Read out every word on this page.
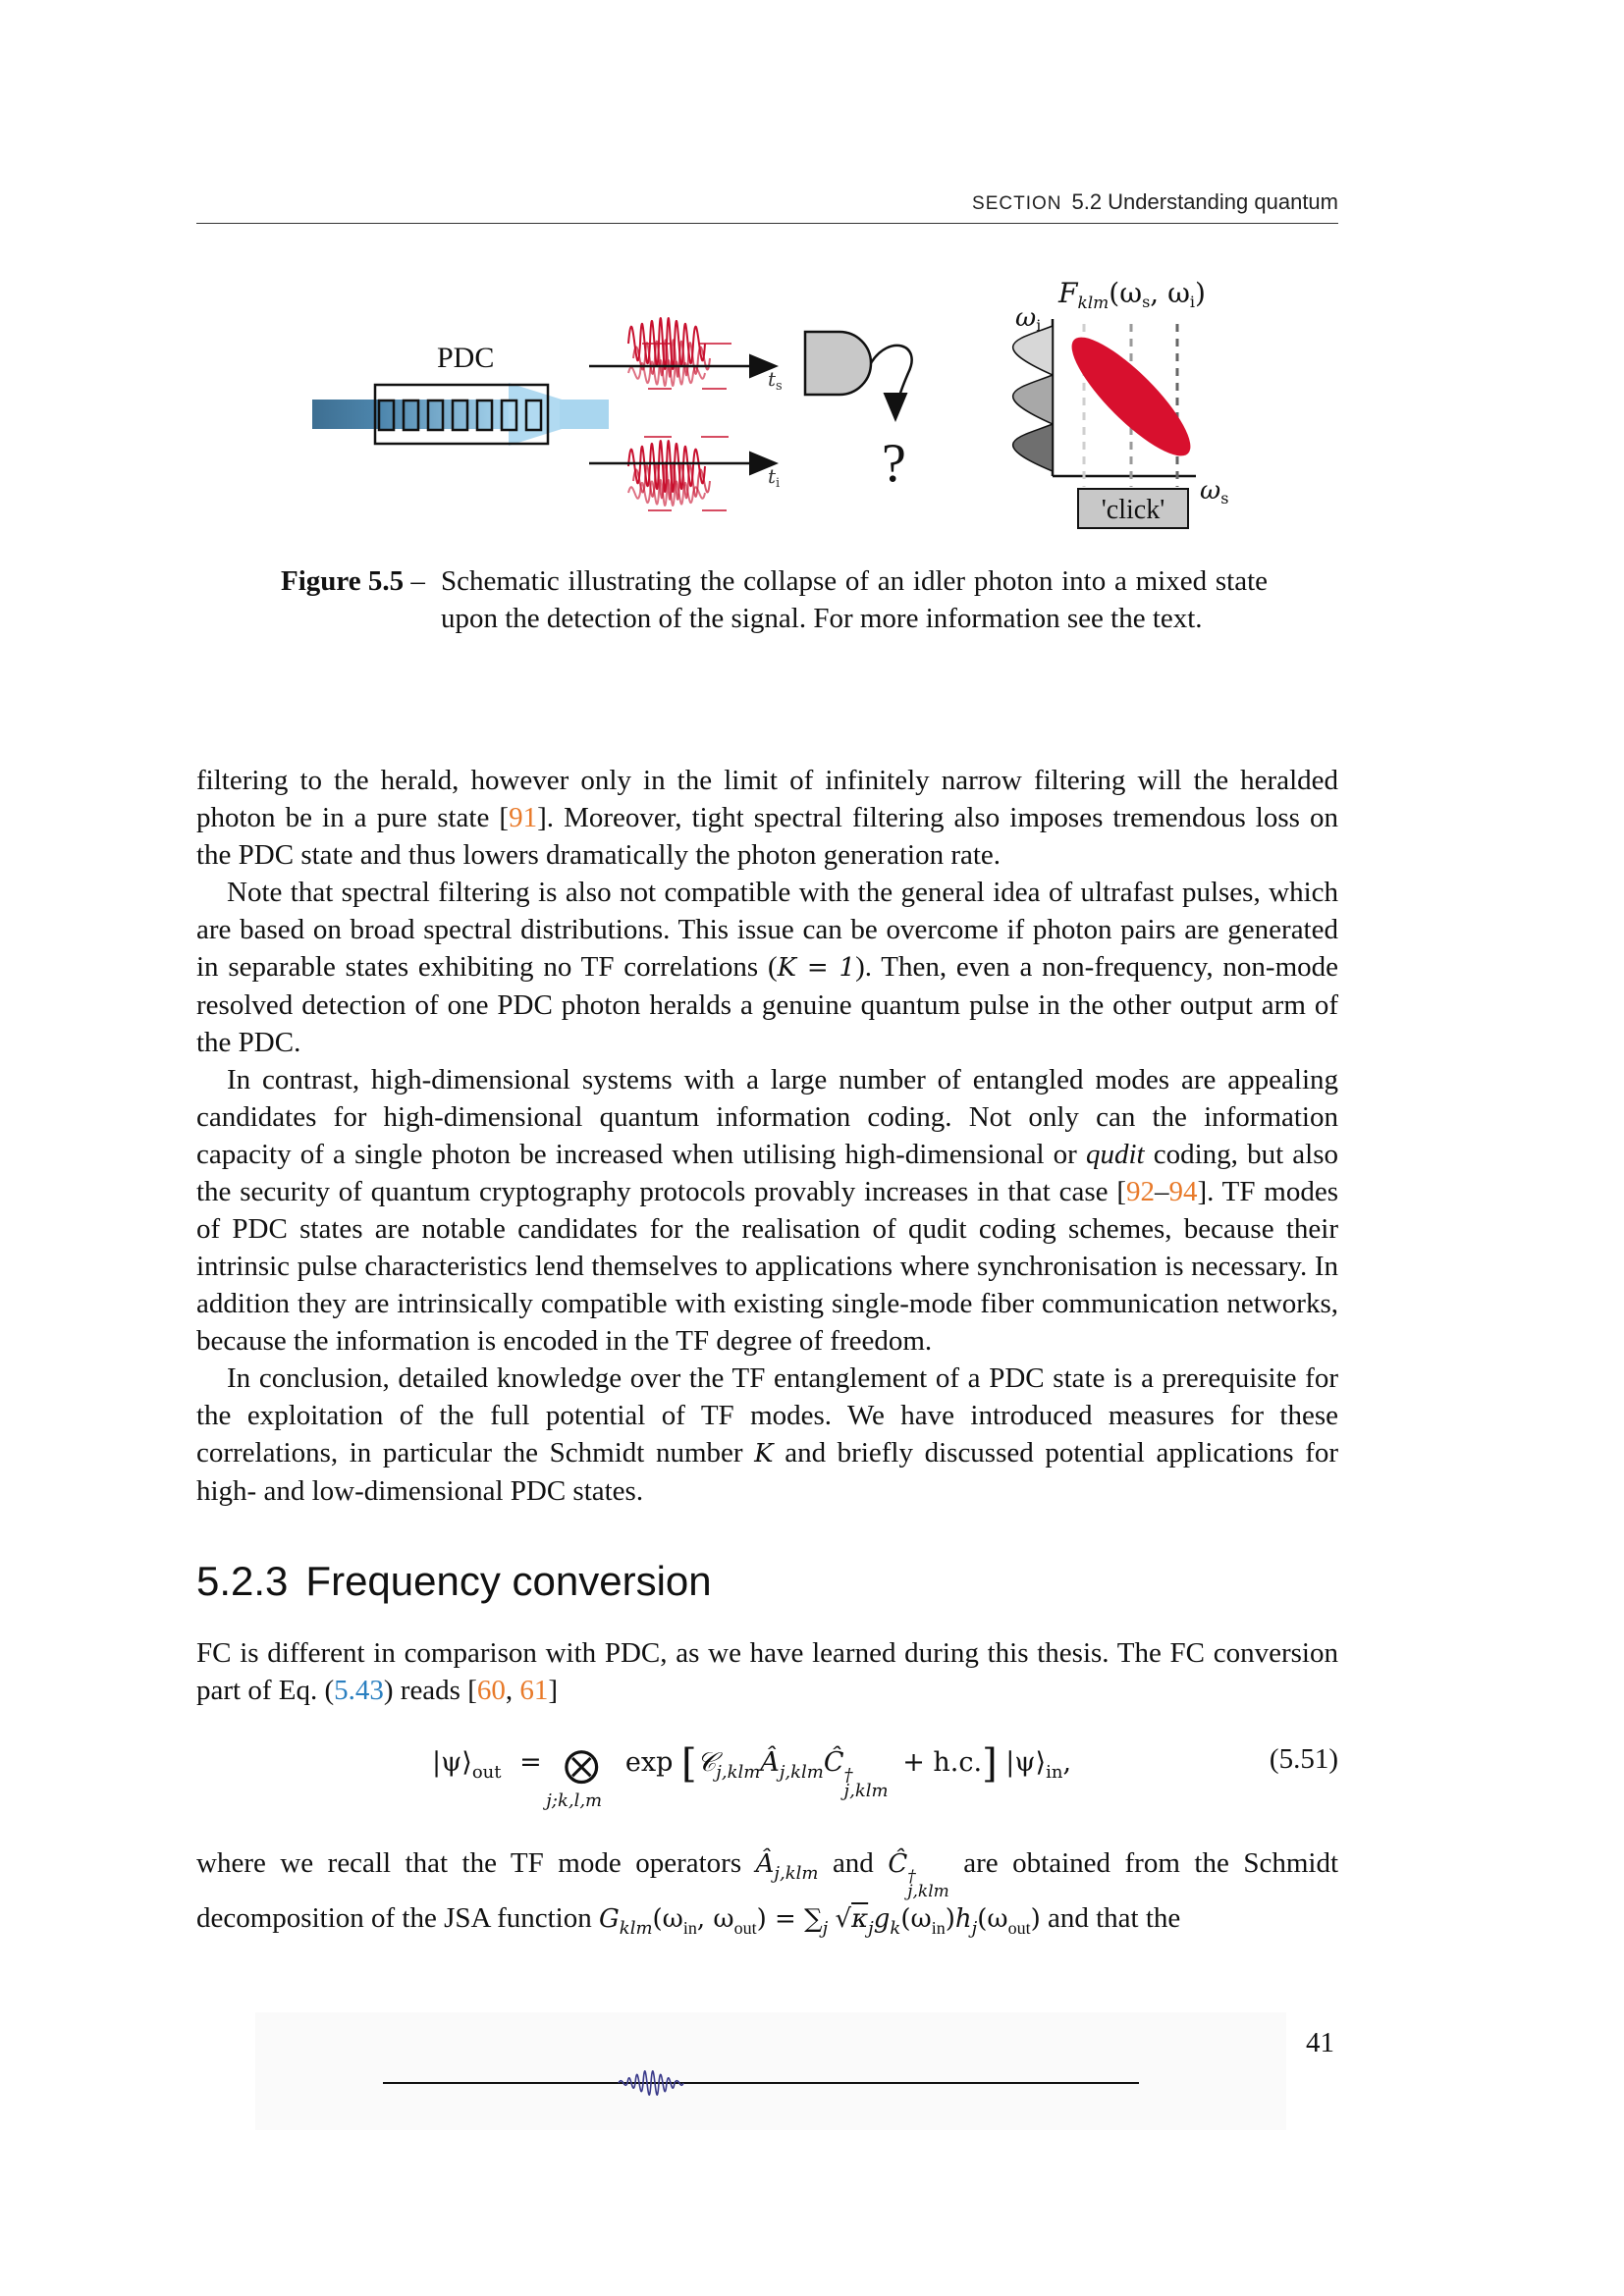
SECTION 5.2 Understanding quantum
PDC
$t_s$
$t_i$ ?
$F_{klm}(\omega s$, ωi)
ωi
ωs
'click'
Figure 5.5 – Schematic illustrating the collapse of an idler photon into a mixed state upon the detection of the signal. For more information see the text.

filtering to the herald, however only in the limit of infinitely narrow filtering will the heralded photon be in a pure state [91]. Moreover, tight spectral filtering also imposes tremendous loss on the PDC state and thus lowers dramatically the photon generation rate.

Note that spectral filtering is also not compatible with the general idea of ultrafast pulses, which are based on broad spectral distributions. This issue can be overcome if photon pairs are generated in separable states exhibiting no TF correlations (K = 1). Then, even a non-frequency, non-mode resolved detection of one PDC photon heralds a genuine quantum pulse in the other output arm of the PDC.

In contrast, high-dimensional systems with a large number of entangled modes are appealing candidates for high-dimensional quantum information coding. Not only can the information capacity of a single photon be increased when utilising high-dimensional or qudit coding, but also the security of quantum cryptography protocols provably increases in that case [92–94]. TF modes of PDC states are notable candidates for the realisation of qudit coding schemes, because their intrinsic pulse characteristics lend themselves to applications where synchronisation is necessary. In addition they are intrinsically compatible with existing single-mode fiber communication networks, because the information is encoded in the TF degree of freedom.

In conclusion, detailed knowledge over the TF entanglement of a PDC state is a prerequisite for the exploitation of the full potential of TF modes. We have introduced measures for these correlations, in particular the Schmidt number K and briefly discussed potential applications for high- and low-dimensional PDC states.

5.2.3 Frequency conversion

FC is different in comparison with PDC, as we have learned during this thesis. The FC conversion part of Eq. (5.43) reads [60, 61]

$|\psi⟩_{out}$ = ⨂
j;k,l,m
$\exp [𝒞_{j,klm}Â_{j,klm}Ĉ$ †
j,klm
+ h.c.] $|\psi⟩_{in}$,	(5.51)

where we recall that the TF mode operators $Â_{j,klm}$ and Ĉ †
j,klm
are obtained from the Schmidt decomposition of the JSA function $G_{klm}(\omega_{in}$, $\omega_{out}) = \sum_j$ $√\kappa_jg_k(\omega_{in})h_j(\omega_{out})$ and that the

41
